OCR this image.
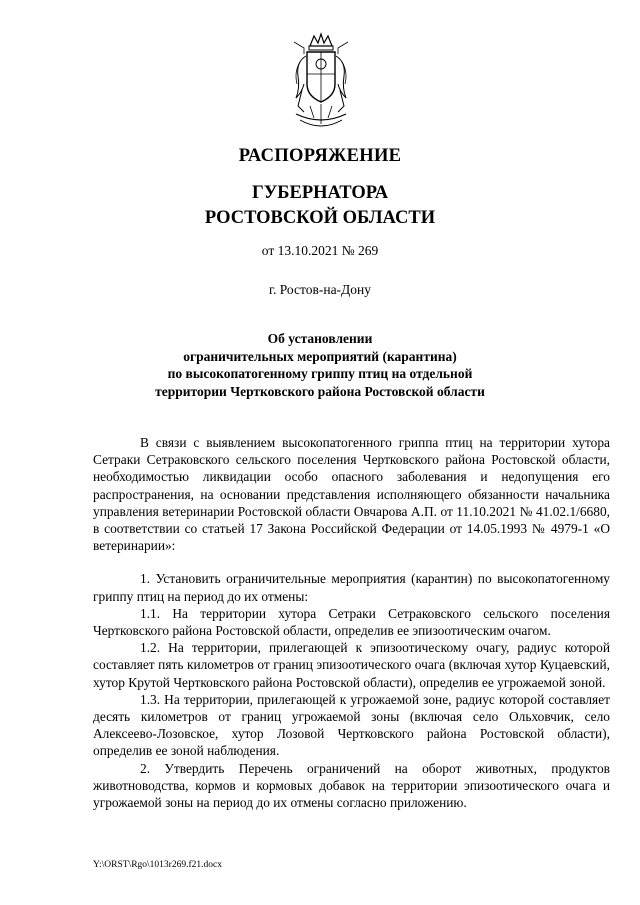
РАСПОРЯЖЕНИЕ
ГУБЕРНАТОРА
РОСТОВСКОЙ ОБЛАСТИ
от 13.10.2021 № 269
г. Ростов-на-Дону
Об установлении
ограничительных мероприятий (карантина)
по высокопатогенному гриппу птиц на отдельной
территории Чертковского района Ростовской области

В связи с выявлением высокопатогенного гриппа птиц на территории хутора Сетраки Сетраковского сельского поселения Чертковского района Ростовской области, необходимостью ликвидации особо опасного заболевания и недопущения его распространения, на основании представления исполняющего обязанности начальника управления ветеринарии Ростовской области Овчарова А.П. от 11.10.2021 № 41.02.1/6680, в соответствии со статьей 17 Закона Российской Федерации от 14.05.1993 № 4979-1 «О ветеринарии»:

1. Установить ограничительные мероприятия (карантин) по высокопатогенному гриппу птиц на период до их отмены:

1.1. На территории хутора Сетраки Сетраковского сельского поселения Чертковского района Ростовской области, определив ее эпизоотическим очагом.

1.2. На территории, прилегающей к эпизоотическому очагу, радиус которой составляет пять километров от границ эпизоотического очага (включая хутор Куцаевский, хутор Крутой Чертковского района Ростовской области), определив ее угрожаемой зоной.

1.3. На территории, прилегающей к угрожаемой зоне, радиус которой составляет десять километров от границ угрожаемой зоны (включая село Ольховчик, село Алексеево-Лозовское, хутор Лозовой Чертковского района Ростовской области), определив ее зоной наблюдения.

2. Утвердить Перечень ограничений на оборот животных, продуктов животноводства, кормов и кормовых добавок на территории эпизоотического очага и угрожаемой зоны на период до их отмены согласно приложению.

Y:\ORST\Rgo\1013r269.f21.docx
